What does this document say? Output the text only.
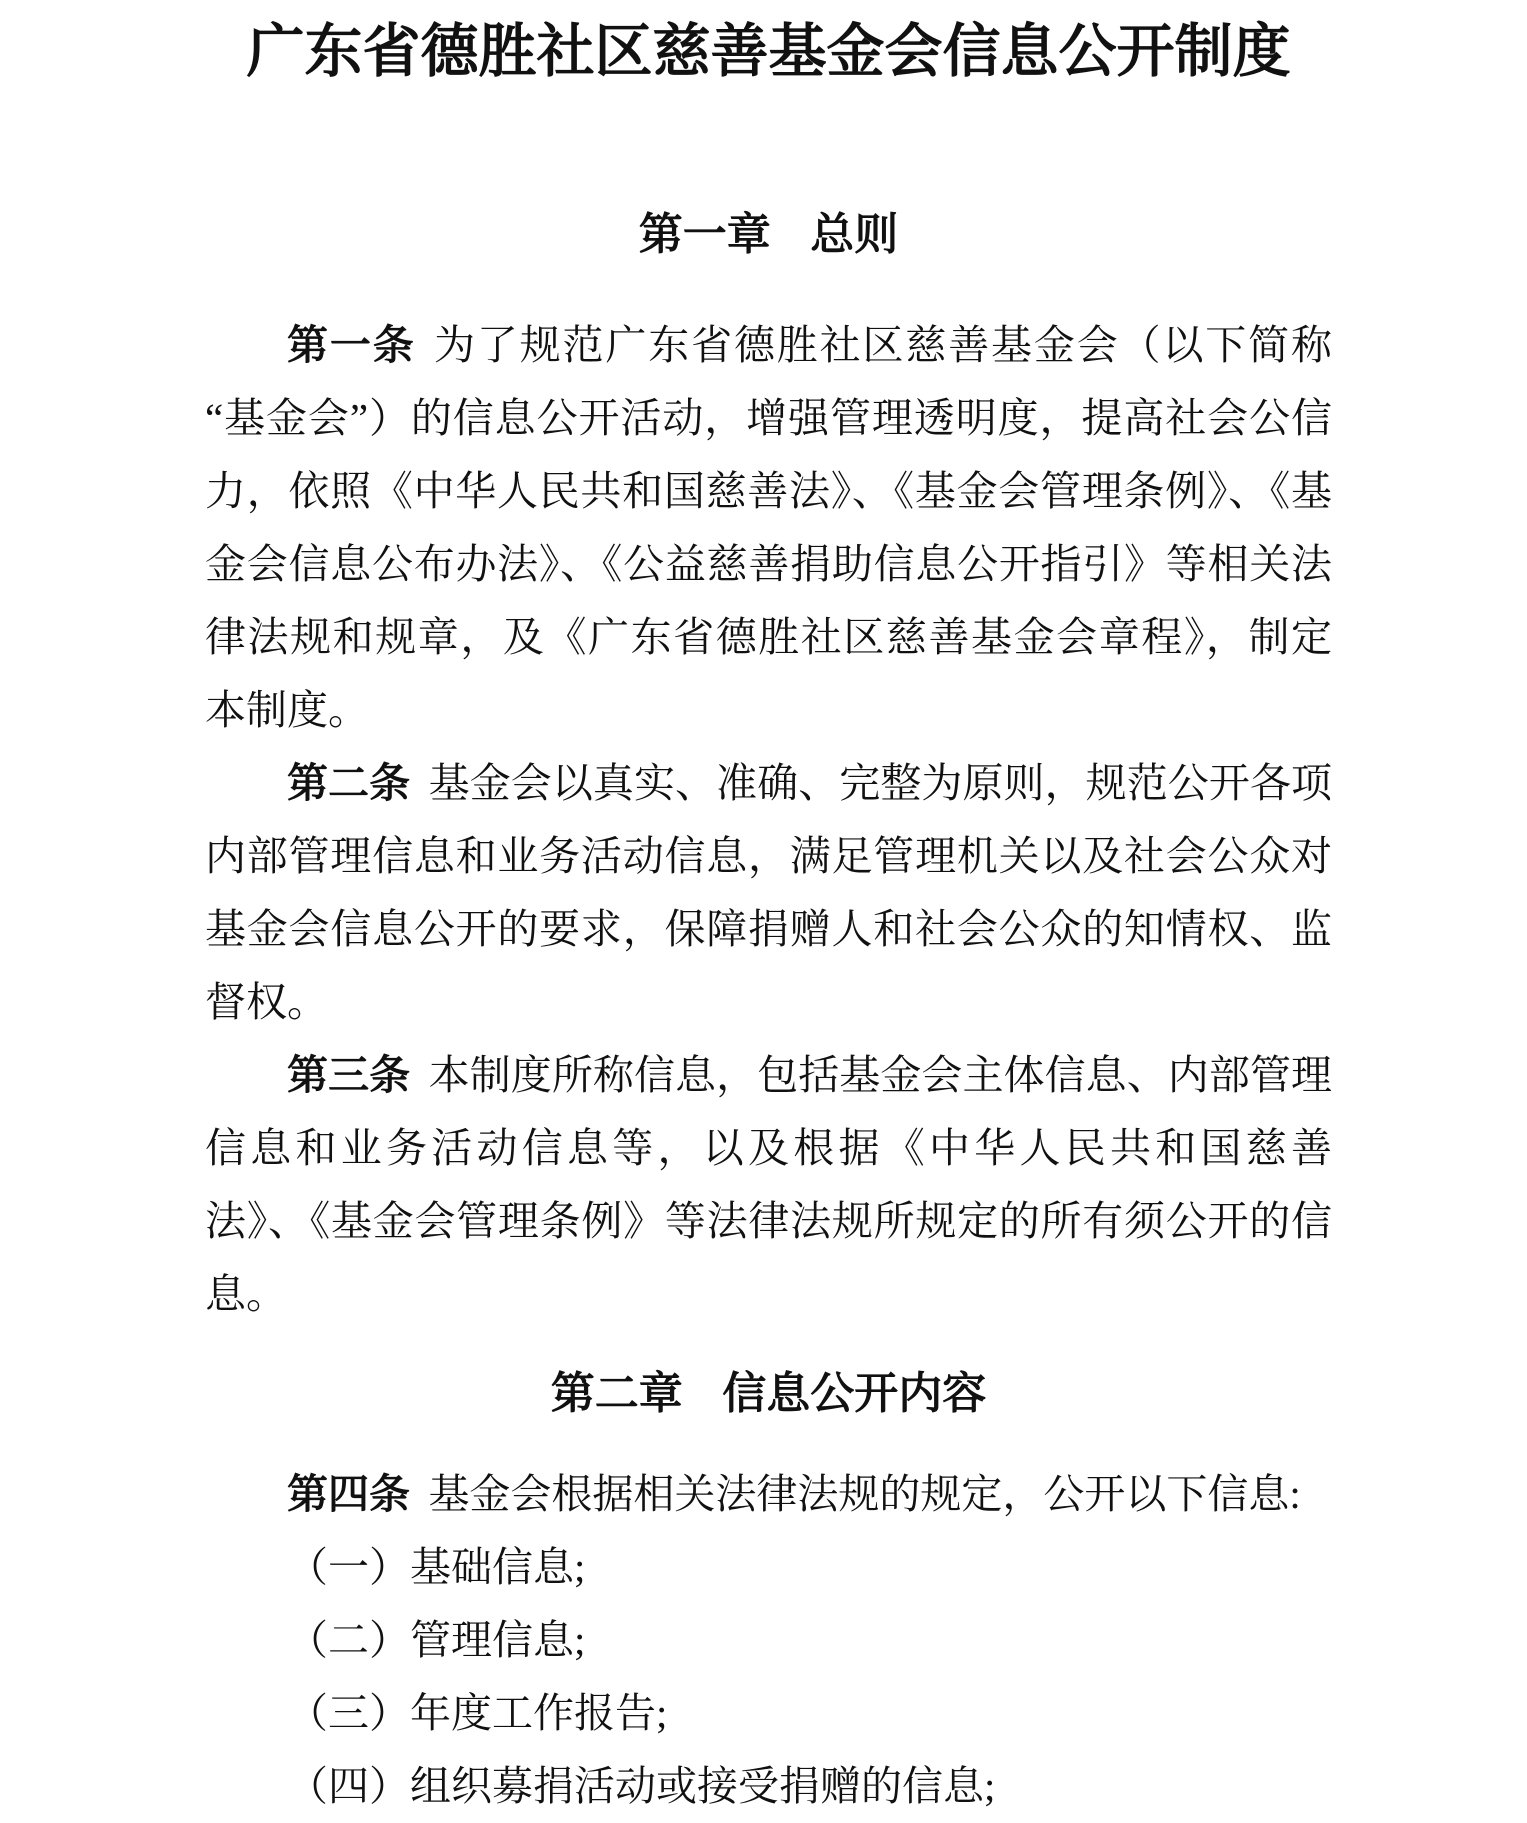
广东省德胜社区慈善基金会信息公开制度
第一章 总则

第一条 为了规范广东省德胜社区慈善基金会（以下简称“基金会”）的信息公开活动，增强管理透明度，提高社会公信力，依照《中华人民共和国慈善法》、《基金会管理条例》、《基金会信息公布办法》、《公益慈善捐助信息公开指引》等相关法律法规和规章，及《广东省德胜社区慈善基金会章程》，制定本制度。

第二条 基金会以真实、准确、完整为原则，规范公开各项内部管理信息和业务活动信息，满足管理机关以及社会公众对基金会信息公开的要求，保障捐赠人和社会公众的知情权、监督权。

第三条 本制度所称信息，包括基金会主体信息、内部管理信息和业务活动信息等，以及根据《中华人民共和国慈善法》、《基金会管理条例》等法律法规所规定的所有须公开的信息。

第二章 信息公开内容

第四条 基金会根据相关法律法规的规定，公开以下信息:

（一）基础信息;

（二）管理信息;

（三）年度工作报告;

（四）组织募捐活动或接受捐赠的信息;
